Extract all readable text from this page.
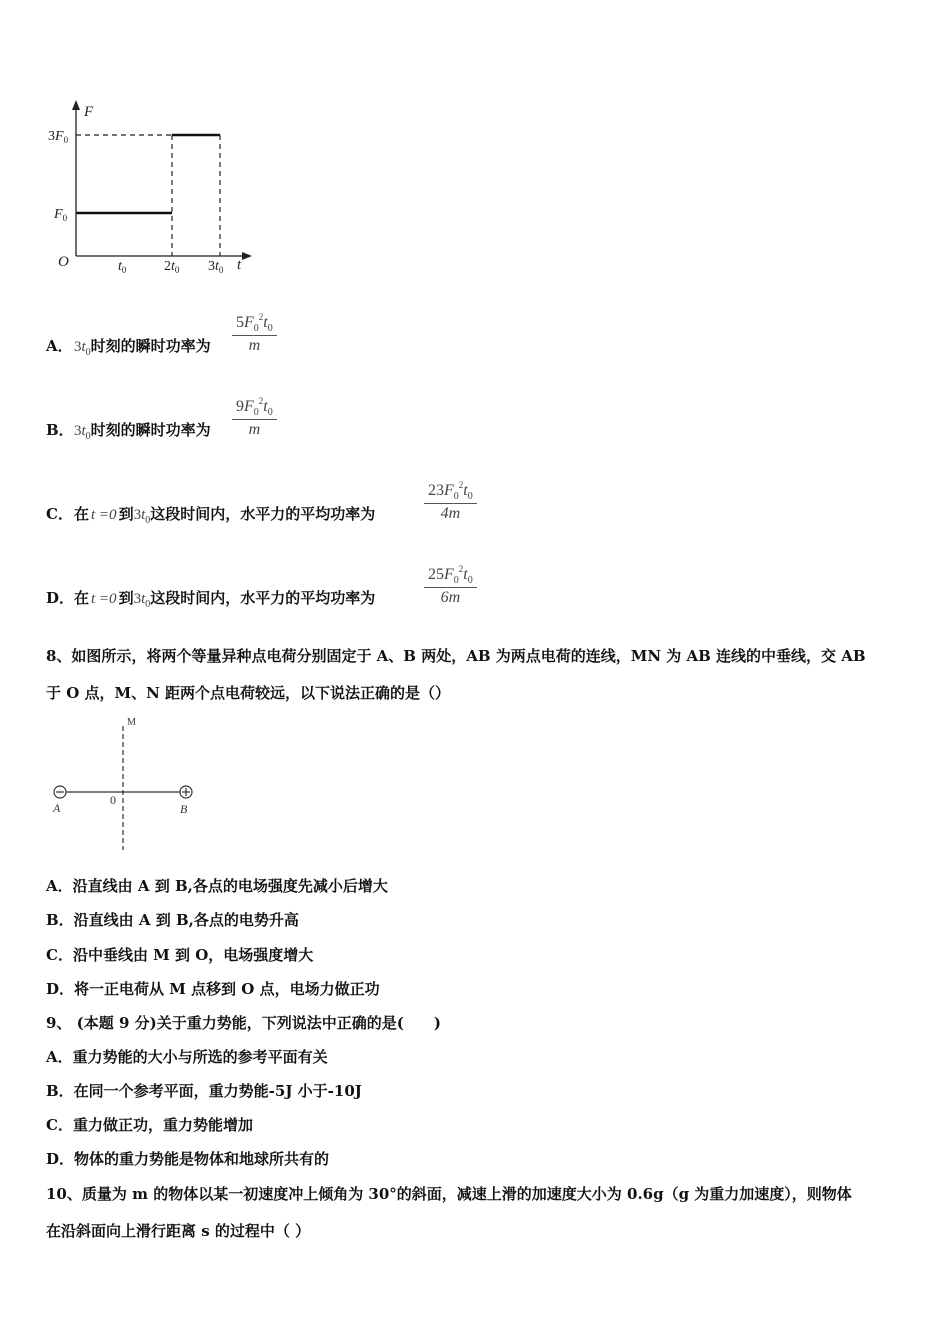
F
t
O
$3F_0$
$F_0$
$t_0$	$2t_0$ $3t_0$
A．$3t_0$时刻的瞬时功率为
$5F_0^2t_0$
m
B．$3t_0$时刻的瞬时功率为
$9F_0^2t_0$
m
C．在 t =0 到$3t_0$这段时间内，水平力的平均功率为
$23F_0^2t_0$
4m
D．在 t =0 到$3t_0$这段时间内，水平力的平均功率为
$25F_0^2t_0$
6m
8、如图所示，将两个等量异种点电荷分别固定于 A、B 两处，AB 为两点电荷的连线，MN 为 AB 连线的中垂线，交 AB
于 O 点，M、N 距两个点电荷较远，以下说法正确的是（）
M
A	B
0
A．沿直线由 A 到 B,各点的电场强度先减小后增大
B．沿直线由 A 到 B,各点的电势升高
C．沿中垂线由 M 到 O，电场强度增大
D．将一正电荷从 M 点移到 O 点，电场力做正功
9、 (本题 9 分)关于重力势能，下列说法中正确的是(　　)
A．重力势能的大小与所选的参考平面有关
B．在同一个参考平面，重力势能-5J 小于-10J
C．重力做正功，重力势能增加
D．物体的重力势能是物体和地球所共有的
10、质量为 m 的物体以某一初速度冲上倾角为 30°的斜面，减速上滑的加速度大小为 0.6g（g 为重力加速度），则物体
在沿斜面向上滑行距离 s 的过程中（ ）
